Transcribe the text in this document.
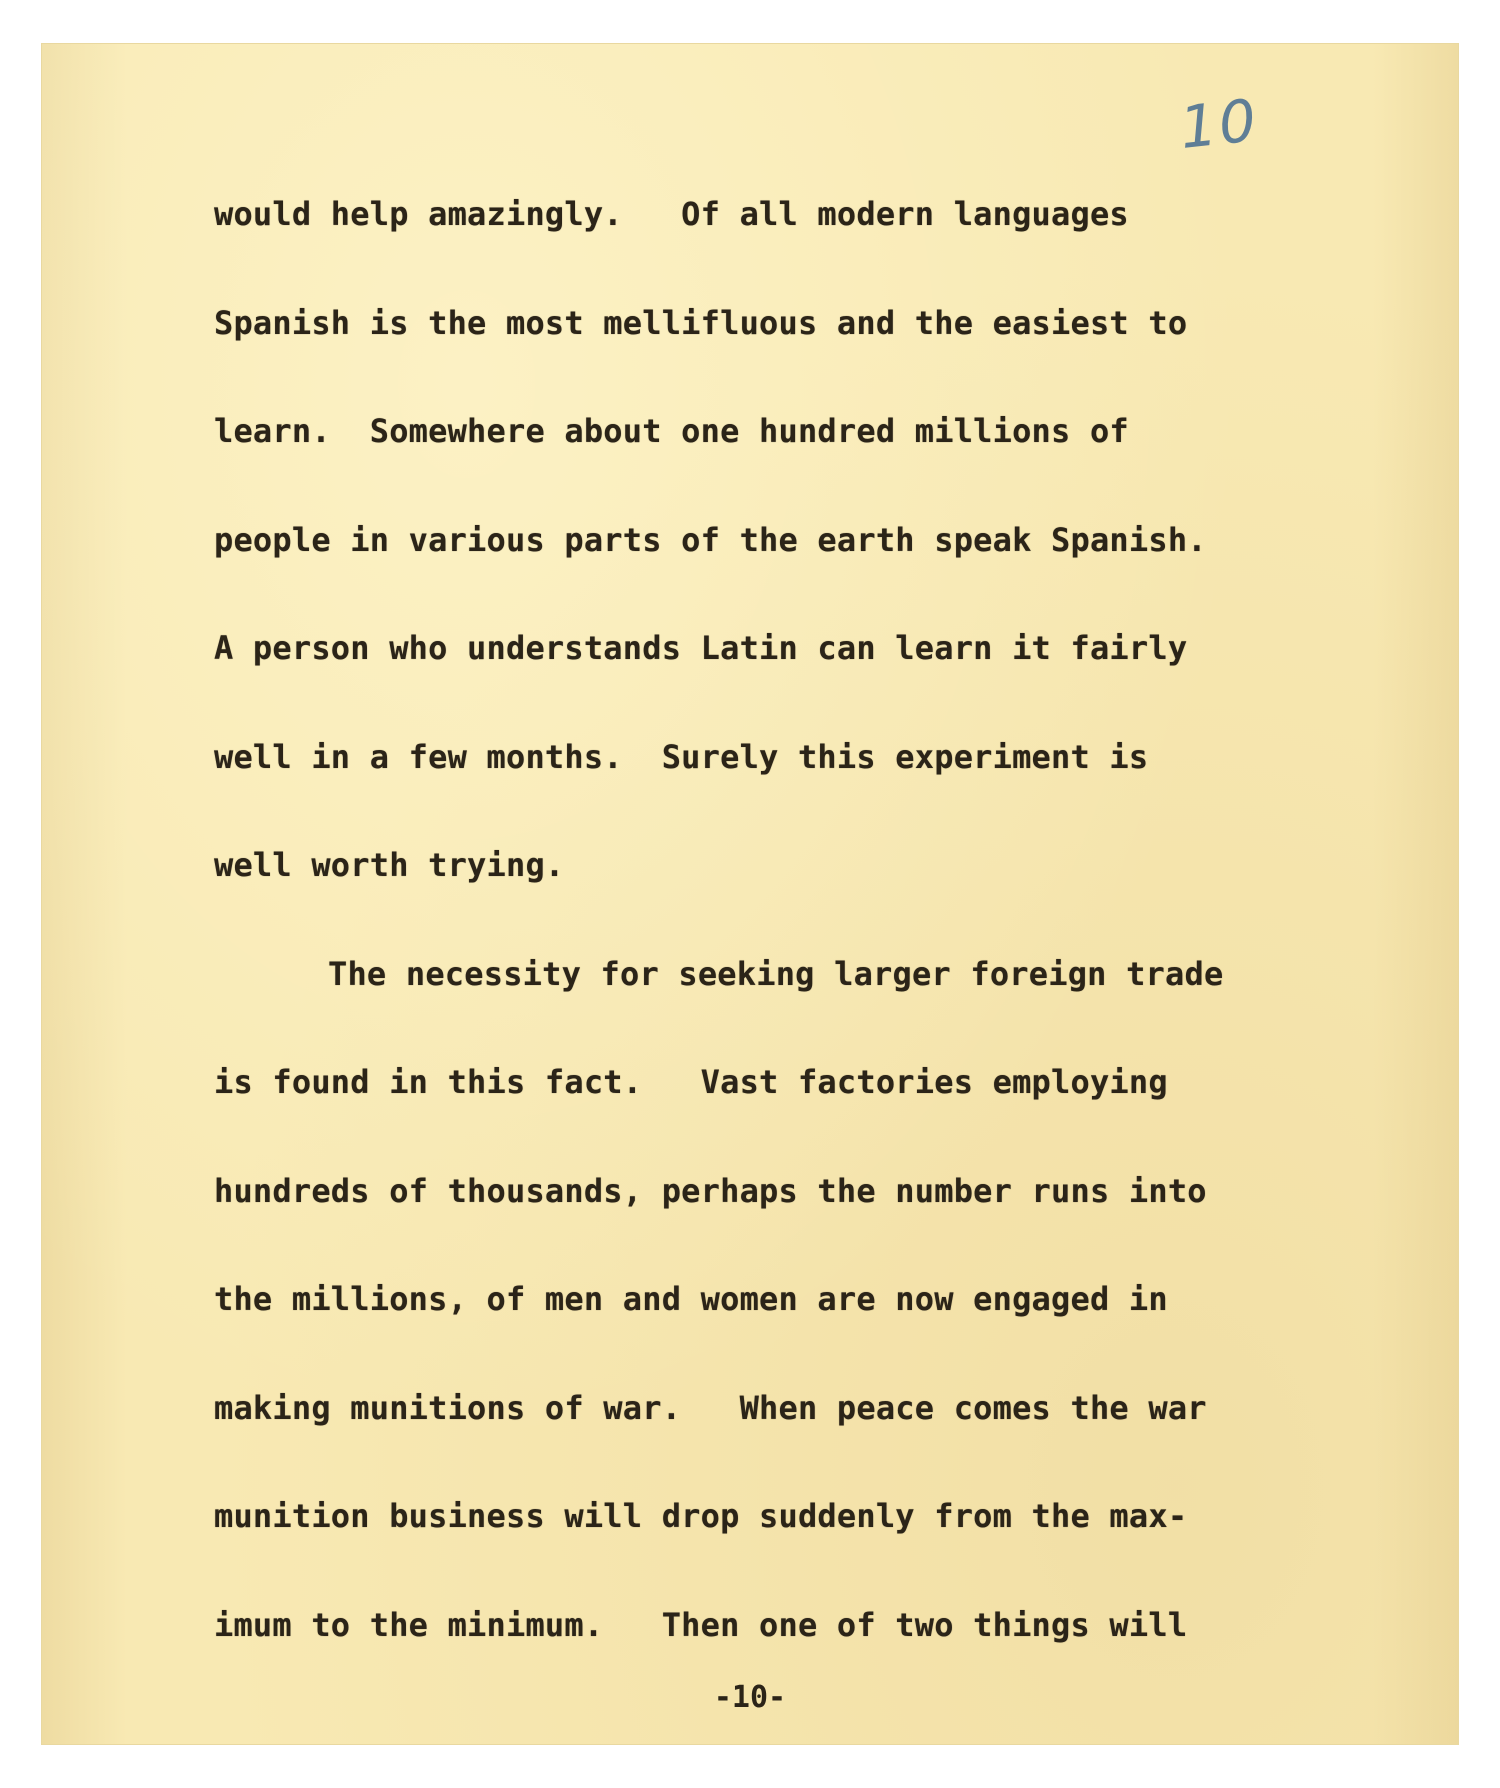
10

would help amazingly.   Of all modern languages

Spanish is the most mellifluous and the easiest to

learn.  Somewhere about one hundred millions of

people in various parts of the earth speak Spanish.

A person who understands Latin can learn it fairly

well in a few months.  Surely this experiment is

well worth trying.

The necessity for seeking larger foreign trade

is found in this fact.   Vast factories employing

hundreds of thousands, perhaps the number runs into

the millions, of men and women are now engaged in

making munitions of war.   When peace comes the war

munition business will drop suddenly from the max-

imum to the minimum.   Then one of two things will

-10-
